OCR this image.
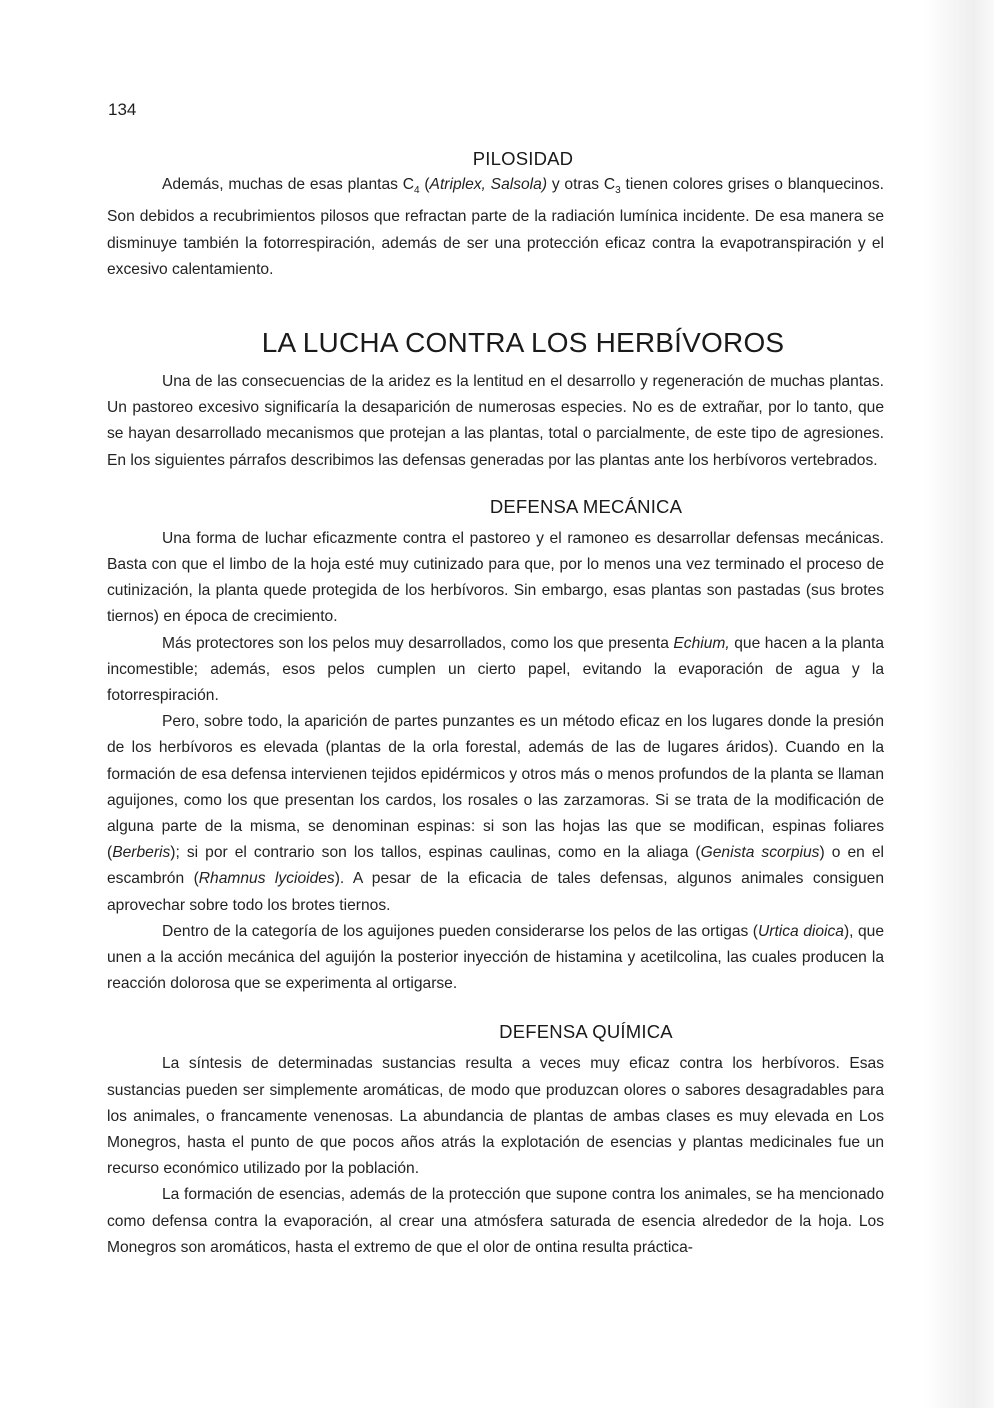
134
PILOSIDAD

Además, muchas de esas plantas $C_4$ (Atriplex, Salsola) y otras $C_3$ tienen colores grises o blanquecinos. Son debidos a recubrimientos pilosos que refractan parte de la radiación lumínica incidente. De esa manera se disminuye también la fotorrespiración, además de ser una protección eficaz contra la evapotranspiración y el excesivo calentamiento.

LA LUCHA CONTRA LOS HERBÍVOROS

Una de las consecuencias de la aridez es la lentitud en el desarrollo y regeneración de muchas plantas. Un pastoreo excesivo significaría la desaparición de numerosas especies. No es de extrañar, por lo tanto, que se hayan desarrollado mecanismos que protejan a las plantas, total o parcialmente, de este tipo de agresiones. En los siguientes párrafos describimos las defensas generadas por las plantas ante los herbívoros vertebrados.

DEFENSA MECÁNICA

Una forma de luchar eficazmente contra el pastoreo y el ramoneo es desarrollar defensas mecánicas. Basta con que el limbo de la hoja esté muy cutinizado para que, por lo menos una vez terminado el proceso de cutinización, la planta quede protegida de los herbívoros. Sin embargo, esas plantas son pastadas (sus brotes tiernos) en época de crecimiento.

Más protectores son los pelos muy desarrollados, como los que presenta Echium, que hacen a la planta incomestible; además, esos pelos cumplen un cierto papel, evitando la evaporación de agua y la fotorrespiración.

Pero, sobre todo, la aparición de partes punzantes es un método eficaz en los lugares donde la presión de los herbívoros es elevada (plantas de la orla forestal, además de las de lugares áridos). Cuando en la formación de esa defensa intervienen tejidos epidérmicos y otros más o menos profundos de la planta se llaman aguijones, como los que presentan los cardos, los rosales o las zarzamoras. Si se trata de la modificación de alguna parte de la misma, se denominan espinas: si son las hojas las que se modifican, espinas foliares (Berberis); si por el contrario son los tallos, espinas caulinas, como en la aliaga (Genista scorpius) o en el escambrón (Rhamnus lycioides). A pesar de la eficacia de tales defensas, algunos animales consiguen aprovechar sobre todo los brotes tiernos.

Dentro de la categoría de los aguijones pueden considerarse los pelos de las ortigas (Urtica dioica), que unen a la acción mecánica del aguijón la posterior inyección de histamina y acetilcolina, las cuales producen la reacción dolorosa que se experimenta al ortigarse.

DEFENSA QUÍMICA

La síntesis de determinadas sustancias resulta a veces muy eficaz contra los herbívoros. Esas sustancias pueden ser simplemente aromáticas, de modo que produzcan olores o sabores desagradables para los animales, o francamente venenosas. La abundancia de plantas de ambas clases es muy elevada en Los Monegros, hasta el punto de que pocos años atrás la explotación de esencias y plantas medicinales fue un recurso económico utilizado por la población.

La formación de esencias, además de la protección que supone contra los animales, se ha mencionado como defensa contra la evaporación, al crear una atmósfera saturada de esencia alrededor de la hoja. Los Monegros son aromáticos, hasta el extremo de que el olor de ontina resulta práctica-
